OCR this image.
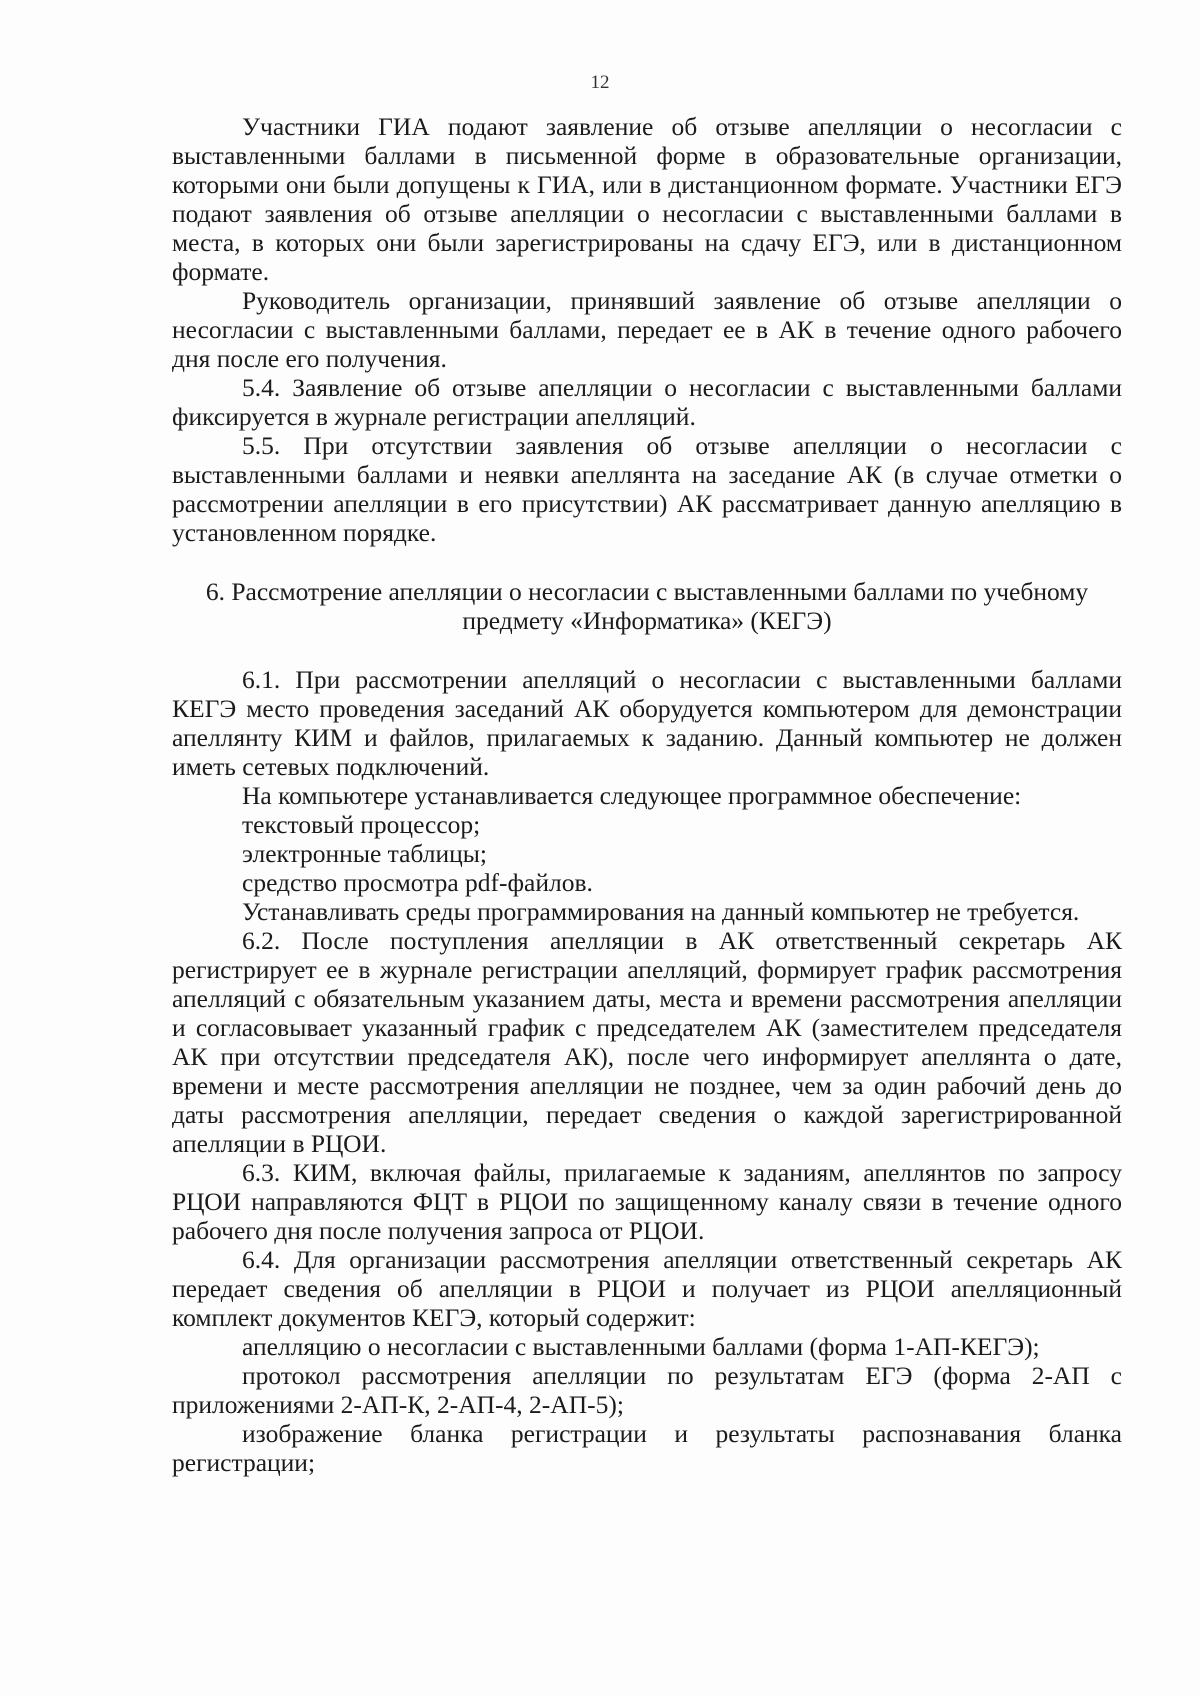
12

Участники ГИА подают заявление об отзыве апелляции о несогласии с выставленными баллами в письменной форме в образовательные организации, которыми они были допущены к ГИА, или в дистанционном формате. Участники ЕГЭ подают заявления об отзыве апелляции о несогласии с выставленными баллами в места, в которых они были зарегистрированы на сдачу ЕГЭ, или в дистанционном формате.

Руководитель организации, принявший заявление об отзыве апелляции о несогласии с выставленными баллами, передает ее в АК в течение одного рабочего дня после его получения.

5.4. Заявление об отзыве апелляции о несогласии с выставленными баллами фиксируется в журнале регистрации апелляций.

5.5. При отсутствии заявления об отзыве апелляции о несогласии с выставленными баллами и неявки апеллянта на заседание АК (в случае отметки о рассмотрении апелляции в его присутствии) АК рассматривает данную апелляцию в установленном порядке.

6. Рассмотрение апелляции о несогласии с выставленными баллами по учебному предмету «Информатика» (КЕГЭ)

6.1. При рассмотрении апелляций о несогласии с выставленными баллами КЕГЭ место проведения заседаний АК оборудуется компьютером для демонстрации апеллянту КИМ и файлов, прилагаемых к заданию. Данный компьютер не должен иметь сетевых подключений.

На компьютере устанавливается следующее программное обеспечение:

текстовый процессор;

электронные таблицы;

средство просмотра pdf-файлов.

Устанавливать среды программирования на данный компьютер не требуется.

6.2. После поступления апелляции в АК ответственный секретарь АК регистрирует ее в журнале регистрации апелляций, формирует график рассмотрения апелляций с обязательным указанием даты, места и времени рассмотрения апелляции и согласовывает указанный график с председателем АК (заместителем председателя АК при отсутствии председателя АК), после чего информирует апеллянта о дате, времени и месте рассмотрения апелляции не позднее, чем за один рабочий день до даты рассмотрения апелляции, передает сведения о каждой зарегистрированной апелляции в РЦОИ.

6.3. КИМ, включая файлы, прилагаемые к заданиям, апеллянтов по запросу РЦОИ направляются ФЦТ в РЦОИ по защищенному каналу связи в течение одного рабочего дня после получения запроса от РЦОИ.

6.4. Для организации рассмотрения апелляции ответственный секретарь АК передает сведения об апелляции в РЦОИ и получает из РЦОИ апелляционный комплект документов КЕГЭ, который содержит:

апелляцию о несогласии с выставленными баллами (форма 1-АП-КЕГЭ);

протокол рассмотрения апелляции по результатам ЕГЭ (форма 2-АП с приложениями 2-АП-К, 2-АП-4, 2-АП-5);

изображение бланка регистрации и результаты распознавания бланка регистрации;
